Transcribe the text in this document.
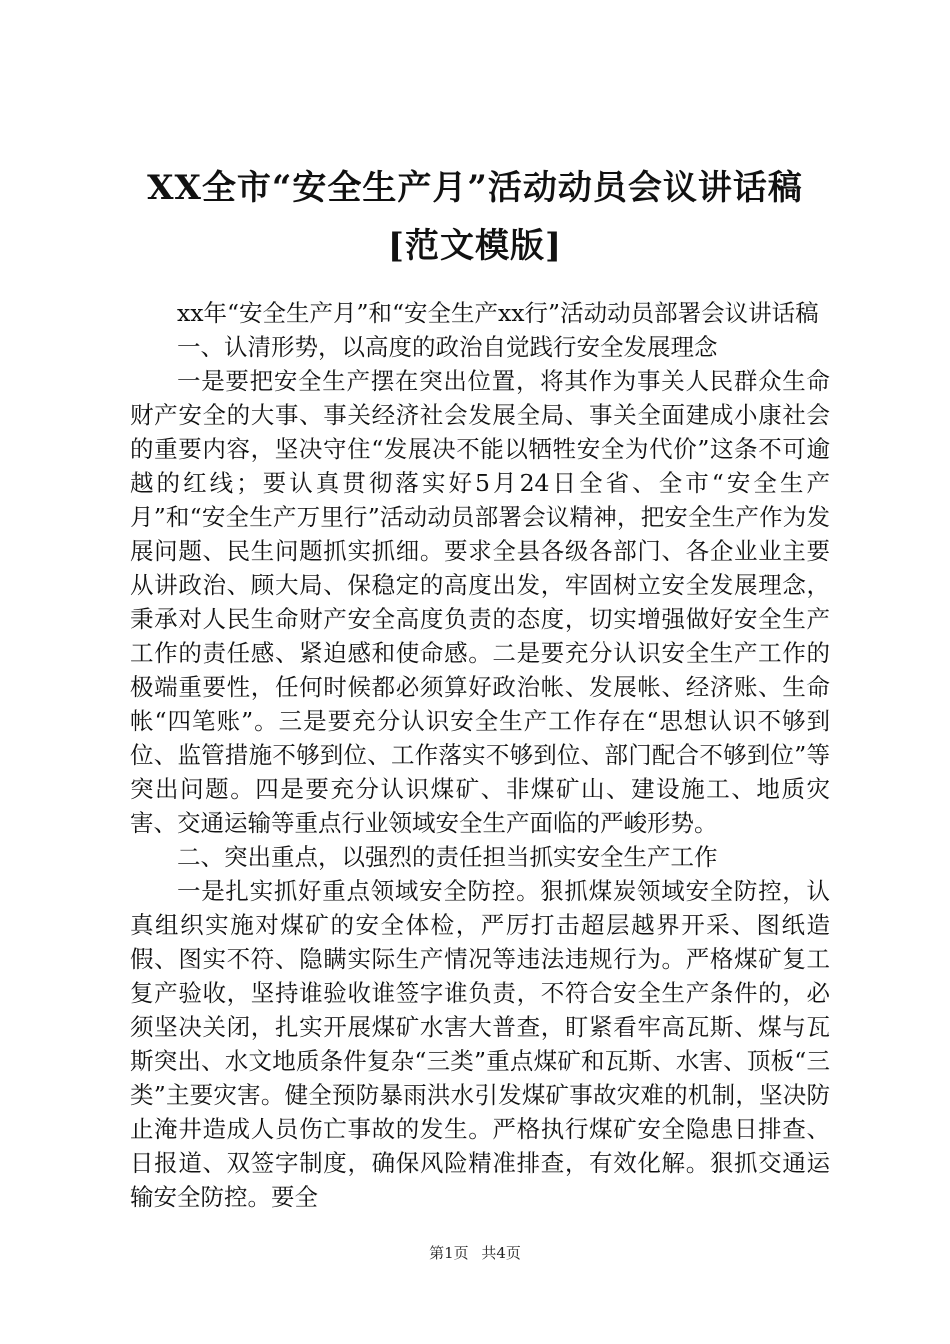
XX全市“安全生产月”活动动员会议讲话稿
[范文模版]

xx年“安全生产月”和“安全生产xx行”活动动员部署会议讲话稿

一、认清形势，以高度的政治自觉践行安全发展理念

一是要把安全生产摆在突出位置，将其作为事关人民群众生命财产安全的大事、事关经济社会发展全局、事关全面建成小康社会的重要内容，坚决守住“发展决不能以牺牲安全为代价”这条不可逾越的红线；要认真贯彻落实好5月24日全省、全市“安全生产月”和“安全生产万里行”活动动员部署会议精神，把安全生产作为发展问题、民生问题抓实抓细。要求全县各级各部门、各企业业主要从讲政治、顾大局、保稳定的高度出发，牢固树立安全发展理念，秉承对人民生命财产安全高度负责的态度，切实增强做好安全生产工作的责任感、紧迫感和使命感。二是要充分认识安全生产工作的极端重要性，任何时候都必须算好政治帐、发展帐、经济账、生命帐“四笔账”。三是要充分认识安全生产工作存在“思想认识不够到位、监管措施不够到位、工作落实不够到位、部门配合不够到位”等突出问题。四是要充分认识煤矿、非煤矿山、建设施工、地质灾害、交通运输等重点行业领域安全生产面临的严峻形势。

二、突出重点，以强烈的责任担当抓实安全生产工作

一是扎实抓好重点领域安全防控。狠抓煤炭领域安全防控，认真组织实施对煤矿的安全体检，严厉打击超层越界开采、图纸造假、图实不符、隐瞒实际生产情况等违法违规行为。严格煤矿复工复产验收，坚持谁验收谁签字谁负责，不符合安全生产条件的，必须坚决关闭，扎实开展煤矿水害大普查，盯紧看牢高瓦斯、煤与瓦斯突出、水文地质条件复杂“三类”重点煤矿和瓦斯、水害、顶板“三类”主要灾害。健全预防暴雨洪水引发煤矿事故灾难的机制，坚决防止淹井造成人员伤亡事故的发生。严格执行煤矿安全隐患日排查、日报道、双签字制度，确保风险精准排查，有效化解。狠抓交通运输安全防控。要全

第1页 共4页
